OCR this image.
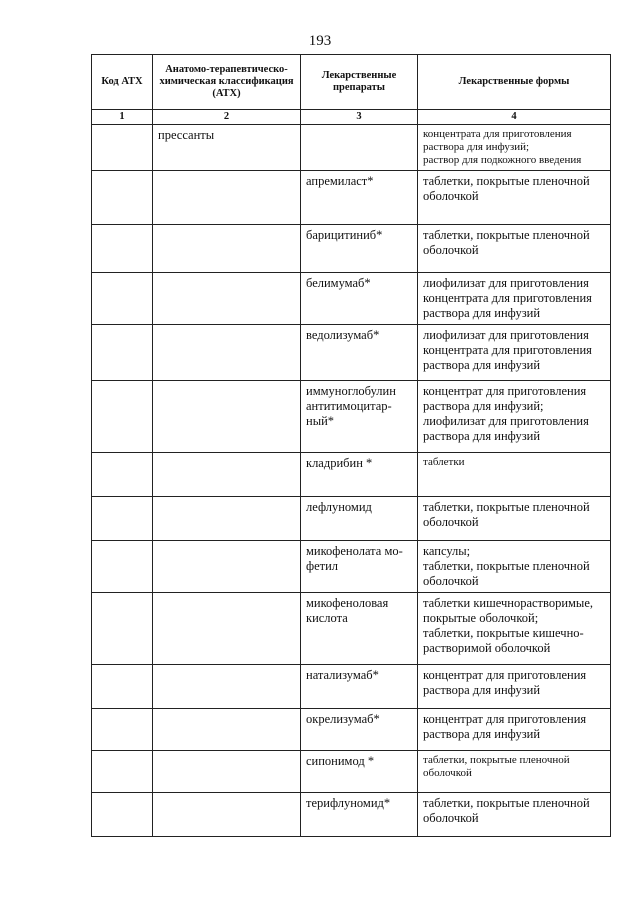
193
Код АТХ	Анатомо-терапевтическо-химическая классификация (АТХ)	Лекарственные препараты	Лекарственные формы
1	2	3	4
	прессанты		концентрата для приготовления раствора для инфузий;
раствор для подкожного введения
		апремиласт*	таблетки, покрытые пленочной оболочкой
		барицитиниб*	таблетки, покрытые пленочной оболочкой
		белимумаб*	лиофилизат для приготовления концентрата для приготовления раствора для инфузий
		ведолизумаб*	лиофилизат для приготовления концентрата для приготовления раствора для инфузий
		иммуноглобулин антитимоцитар-ный*	концентрат для приготовления раствора для инфузий;
лиофилизат для приготовления раствора для инфузий
		кладрибин *	таблетки
		лефлуномид	таблетки, покрытые пленочной оболочкой
		микофенолата мо-фетил	капсулы;
таблетки, покрытые пленочной оболочкой
		микофеноловая кислота	таблетки кишечнорастворимые, покрытые оболочкой;
таблетки, покрытые кишечно-растворимой оболочкой
		натализумаб*	концентрат для приготовления раствора для инфузий
		окрелизумаб*	концентрат для приготовления раствора для инфузий
		сипонимод *	таблетки, покрытые пленочной оболочкой
		терифлуномид*	таблетки, покрытые пленочной оболочкой
